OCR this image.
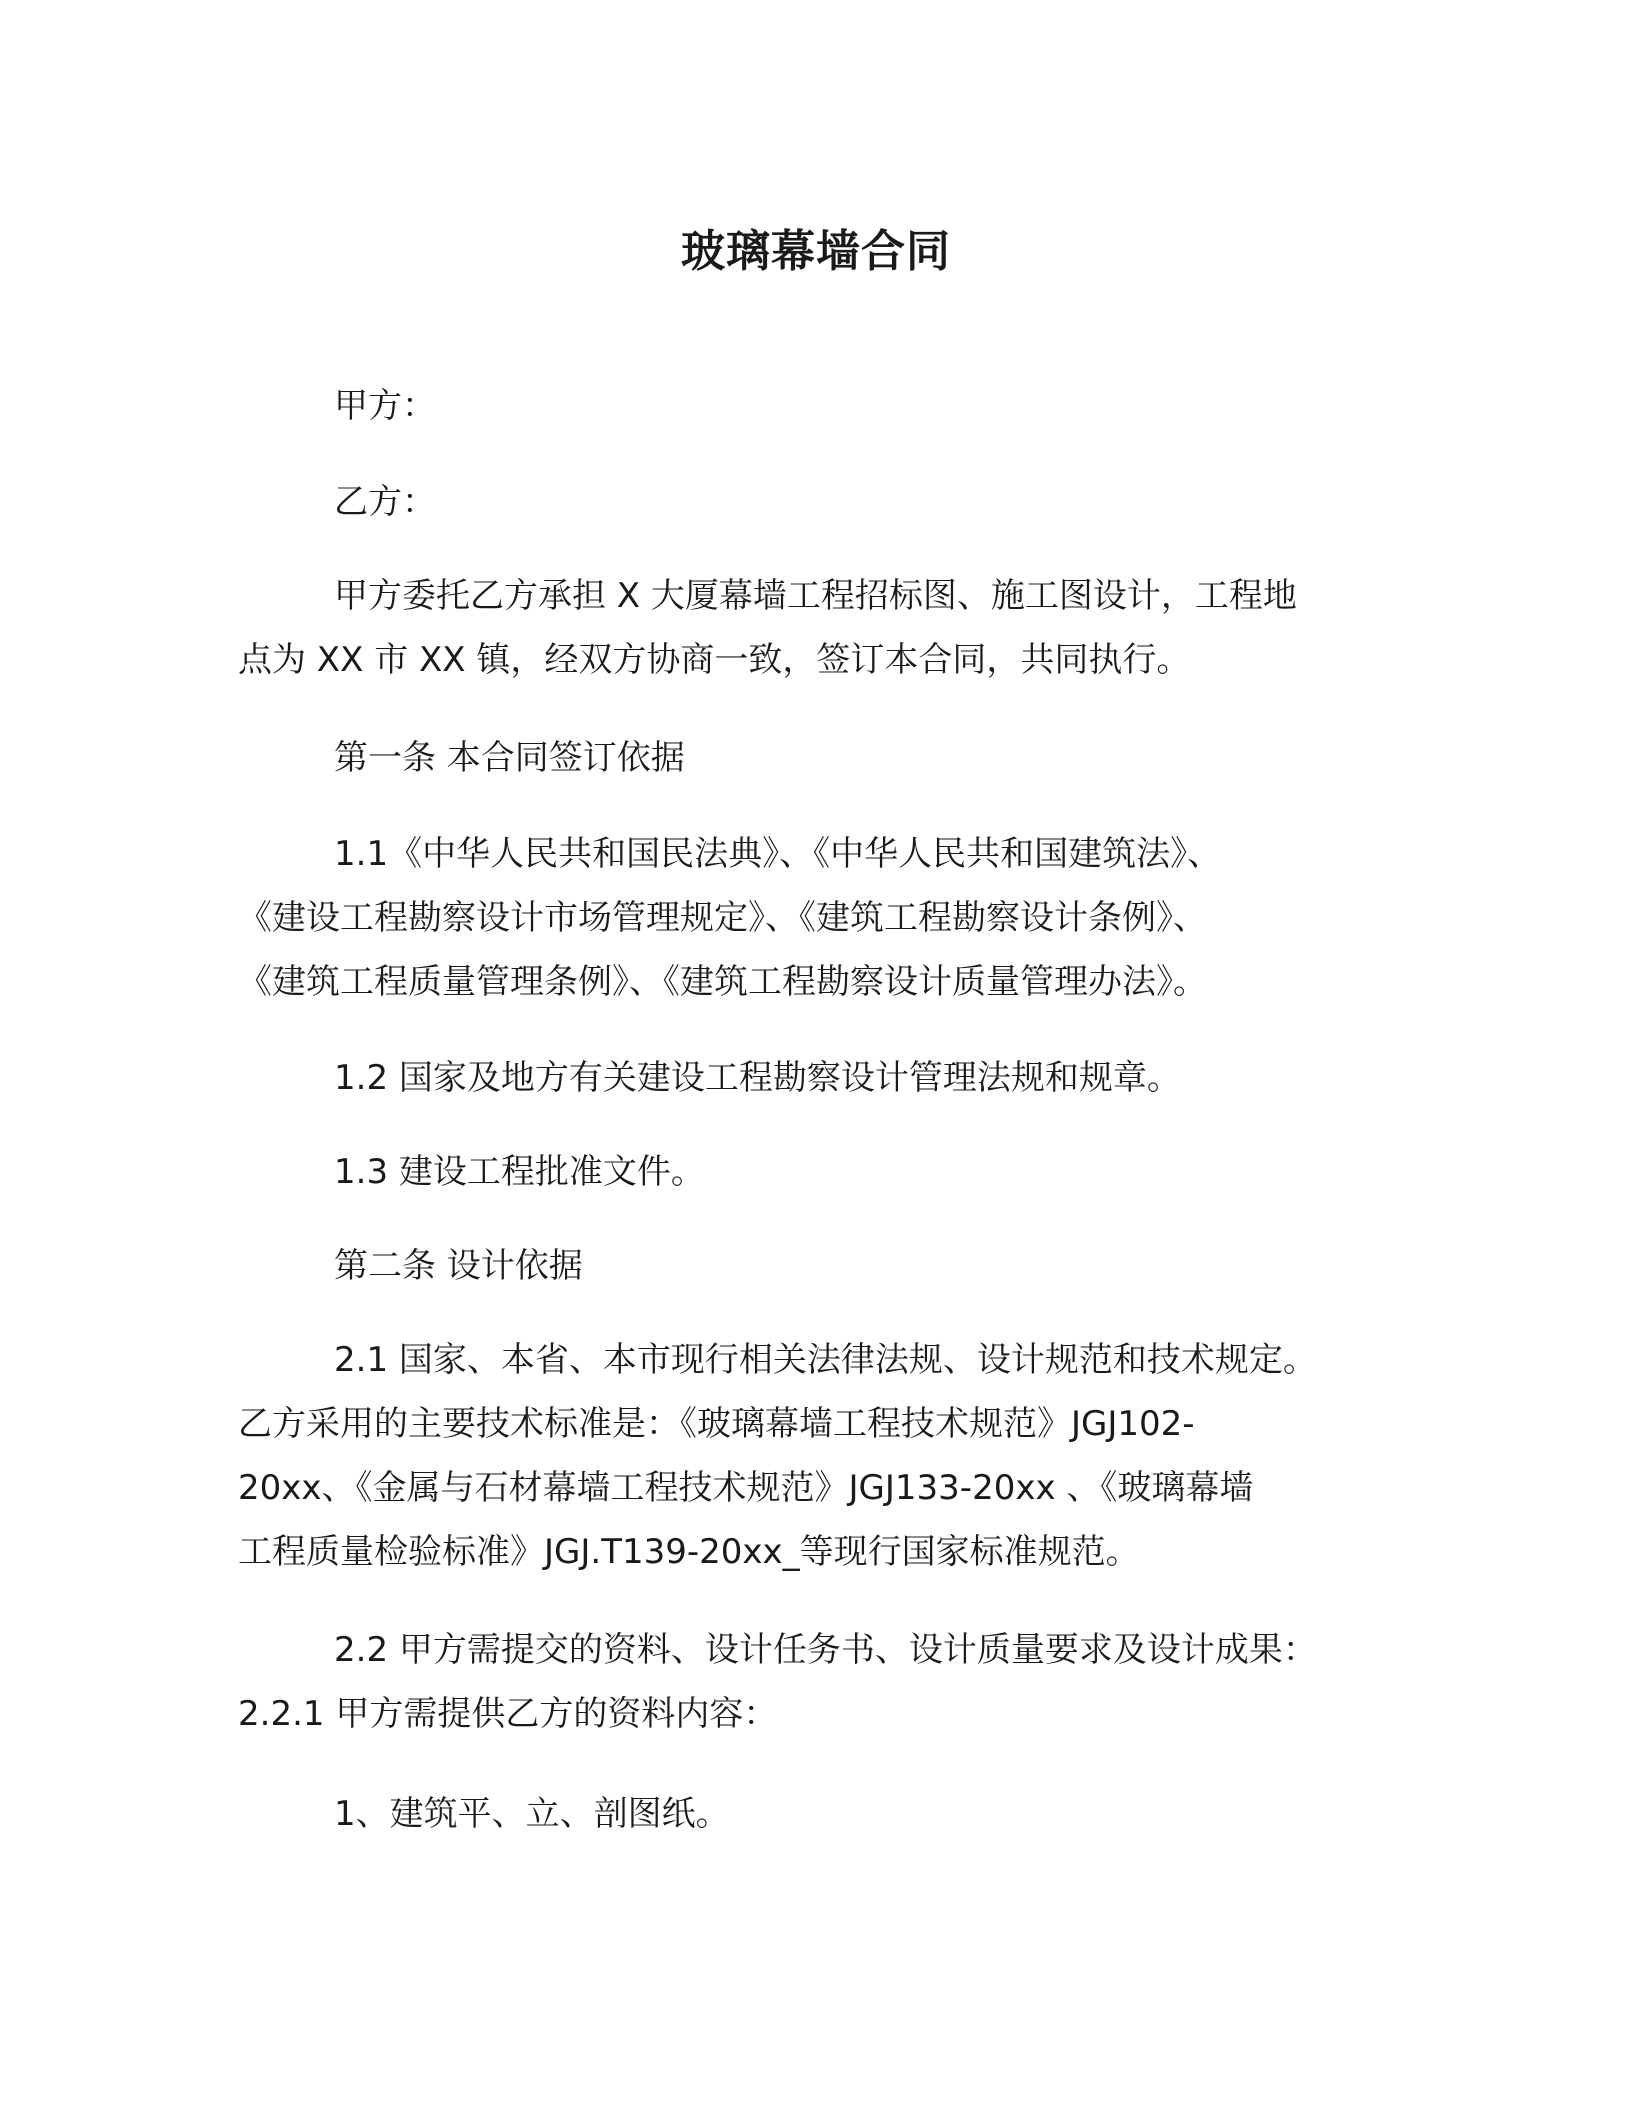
玻璃幕墙合同

甲方：

乙方：

甲方委托乙方承担 X 大厦幕墙工程招标图、施工图设计，工程地
点为 XX 市 XX 镇，经双方协商一致，签订本合同，共同执行。

第一条 本合同签订依据

1.1《中华人民共和国民法典》、《中华人民共和国建筑法》、
《建设工程勘察设计市场管理规定》、《建筑工程勘察设计条例》、
《建筑工程质量管理条例》、《建筑工程勘察设计质量管理办法》。

1.2 国家及地方有关建设工程勘察设计管理法规和规章。

1.3 建设工程批准文件。

第二条 设计依据

2.1 国家、本省、本市现行相关法律法规、设计规范和技术规定。
乙方采用的主要技术标准是：《玻璃幕墙工程技术规范》JGJ102-
20xx、《金属与石材幕墙工程技术规范》JGJ133-20xx 、《玻璃幕墙
工程质量检验标准》JGJ.T139-20xx_等现行国家标准规范。

2.2 甲方需提交的资料、设计任务书、设计质量要求及设计成果：
2.2.1 甲方需提供乙方的资料内容：

1、建筑平、立、剖图纸。
